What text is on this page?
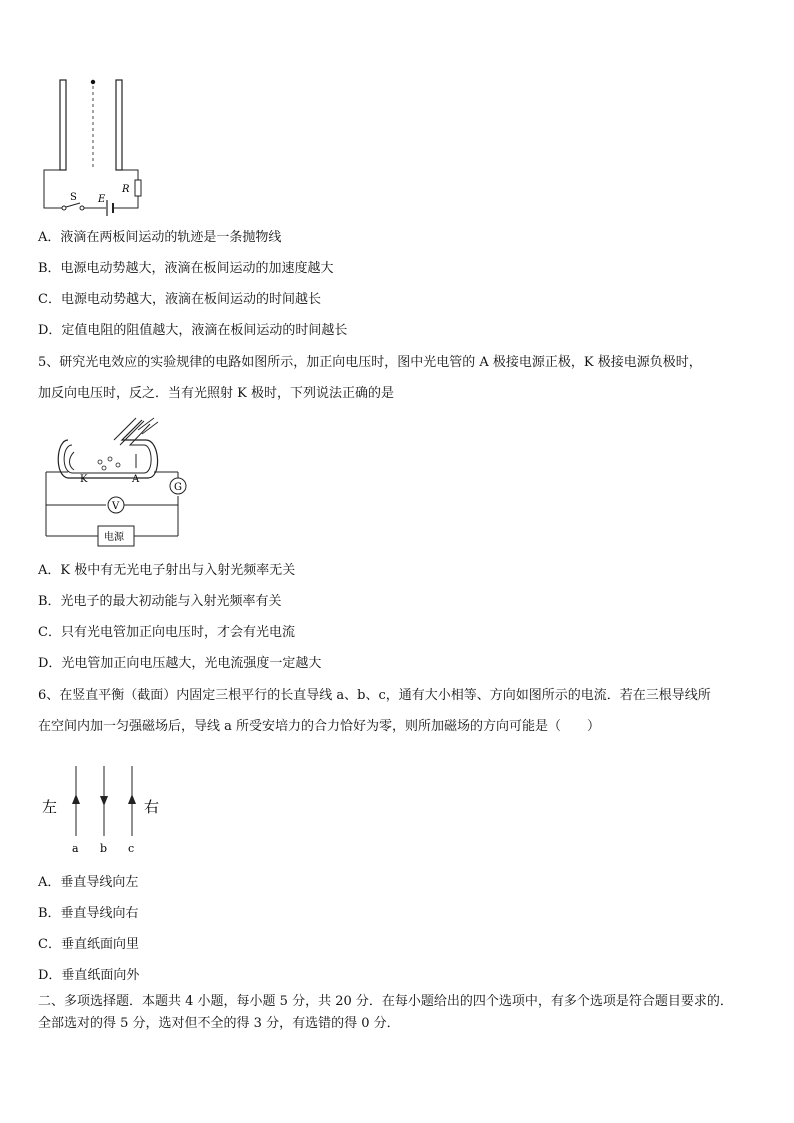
S E
R
A．液滴在两板间运动的轨迹是一条抛物线
B．电源电动势越大，液滴在板间运动的加速度越大
C．电源电动势越大，液滴在板间运动的时间越长
D．定值电阻的阻值越大，液滴在板间运动的时间越长
5、研究光电效应的实验规律的电路如图所示，加正向电压时，图中光电管的 A 极接电源正极，K 极接电源负极时，
加反向电压时，反之．当有光照射 K 极时，下列说法正确的是
K	A
电源
V
G
A．K 极中有无光电子射出与入射光频率无关
B．光电子的最大初动能与入射光频率有关
C．只有光电管加正向电压时，才会有光电流
D．光电管加正向电压越大，光电流强度一定越大
6、在竖直平衡（截面）内固定三根平行的长直导线 a、b、c，通有大小相等、方向如图所示的电流．若在三根导线所
在空间内加一匀强磁场后，导线 a 所受安培力的合力恰好为零，则所加磁场的方向可能是（　　）
左	右
a b c
A．垂直导线向左
B．垂直导线向右
C．垂直纸面向里
D．垂直纸面向外
二、多项选择题．本题共 4 小题，每小题 5 分，共 20 分．在每小题给出的四个选项中，有多个选项是符合题目要求的．
全部选对的得 5 分，选对但不全的得 3 分，有选错的得 0 分．
